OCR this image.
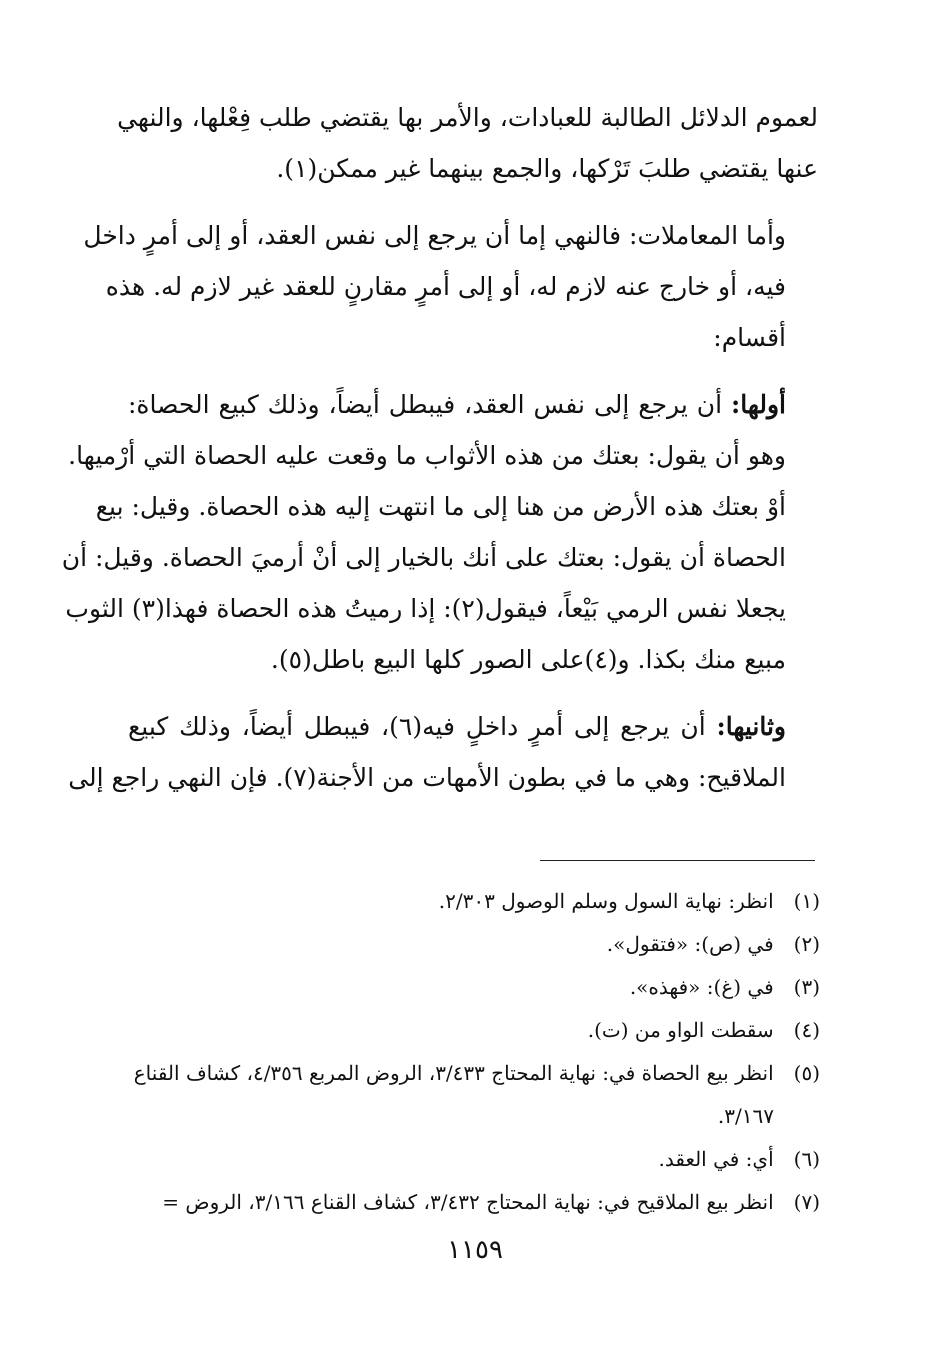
لعموم الدلائل الطالبة للعبادات، والأمر بها يقتضي طلب فِعْلها، والنهي
عنها يقتضي طلبَ تَرْكها، والجمع بينهما غير ممكن(١).

وأما المعاملات: فالنهي إما أن يرجع إلى نفس العقد، أو إلى أمرٍ داخل
فيه، أو خارج عنه لازم له، أو إلى أمرٍ مقارنٍ للعقد غير لازم له. هذه
أقسام:

أولها: أن يرجع إلى نفس العقد، فيبطل أيضاً، وذلك كبيع الحصاة:
وهو أن يقول: بعتك من هذه الأثواب ما وقعت عليه الحصاة التي أرْميها.
أوْ بعتك هذه الأرض من هنا إلى ما انتهت إليه هذه الحصاة. وقيل: بيع
الحصاة أن يقول: بعتك على أنك بالخيار إلى أنْ أرميَ الحصاة. وقيل: أن
يجعلا نفس الرمي بَيْعاً، فيقول(٢): إذا رميتُ هذه الحصاة فهذا(٣) الثوب
مبيع منك بكذا. و(٤)على الصور كلها البيع باطل(٥).

وثانيها: أن يرجع إلى أمرٍ داخلٍ فيه(٦)، فيبطل أيضاً، وذلك كبيع
الملاقيح: وهي ما في بطون الأمهات من الأجنة(٧). فإن النهي راجع إلى

(١) انظر: نهاية السول وسلم الوصول ٢/٣٠٣.
(٢) في (ص): «فتقول».
(٣) في (غ): «فهذه».
(٤) سقطت الواو من (ت).
(٥) انظر بيع الحصاة في: نهاية المحتاج ٣/٤٣٣، الروض المربع ٤/٣٥٦، كشاف القناع
٣/١٦٧.
(٦) أي: في العقد.
(٧) انظر بيع الملاقيح في: نهاية المحتاج ٣/٤٣٢، كشاف القناع ٣/١٦٦، الروض =
١١٥٩
